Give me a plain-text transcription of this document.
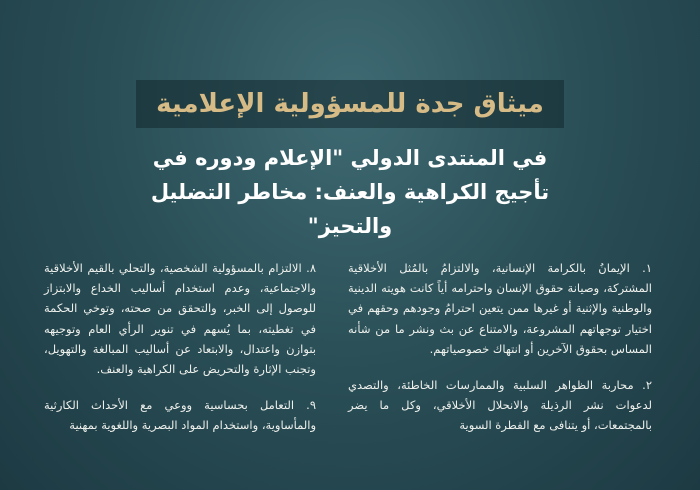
ميثاق جدة للمسؤولية الإعلامية
في المنتدى الدولي "الإعلام ودوره في تأجيج الكراهية والعنف: مخاطر التضليل والتحيز"

١. الإيمانُ بالكرامة الإنسانية، والالتزامُ بالمُثل الأخلاقية المشتركة، وصيانة حقوق الإنسان واحترامه أياً كانت هويته الدينية والوطنية والإثنية أو غيرها ممن يتعين احترامُ وجودهم وحقهم في اختيار توجهاتهم المشروعة، والامتناع عن بث ونشر ما من شأنه المساس بحقوق الآخرين أو انتهاك خصوصياتهم.

٢. محاربة الظواهر السلبية والممارسات الخاطئة، والتصدي لدعوات نشر الرذيلة والانحلال الأخلاقي، وكل ما يضر بالمجتمعات، أو يتنافى مع الفطرة السوية

٨. الالتزام بالمسؤولية الشخصية، والتحلي بالقيم الأخلاقية والاجتماعية، وعدم استخدام أساليب الخداع والابتزاز للوصول إلى الخبر، والتحقق من صحته، وتوخي الحكمة في تغطيته، بما يُسهم في تنوير الرأي العام وتوجيهه بتوازن واعتدال، والابتعاد عن أساليب المبالغة والتهويل، وتجنب الإثارة والتحريض على الكراهية والعنف.

٩. التعامل بحساسية ووعي مع الأحداث الكارثية والمأساوية، واستخدام المواد البصرية واللغوية بمهنية
